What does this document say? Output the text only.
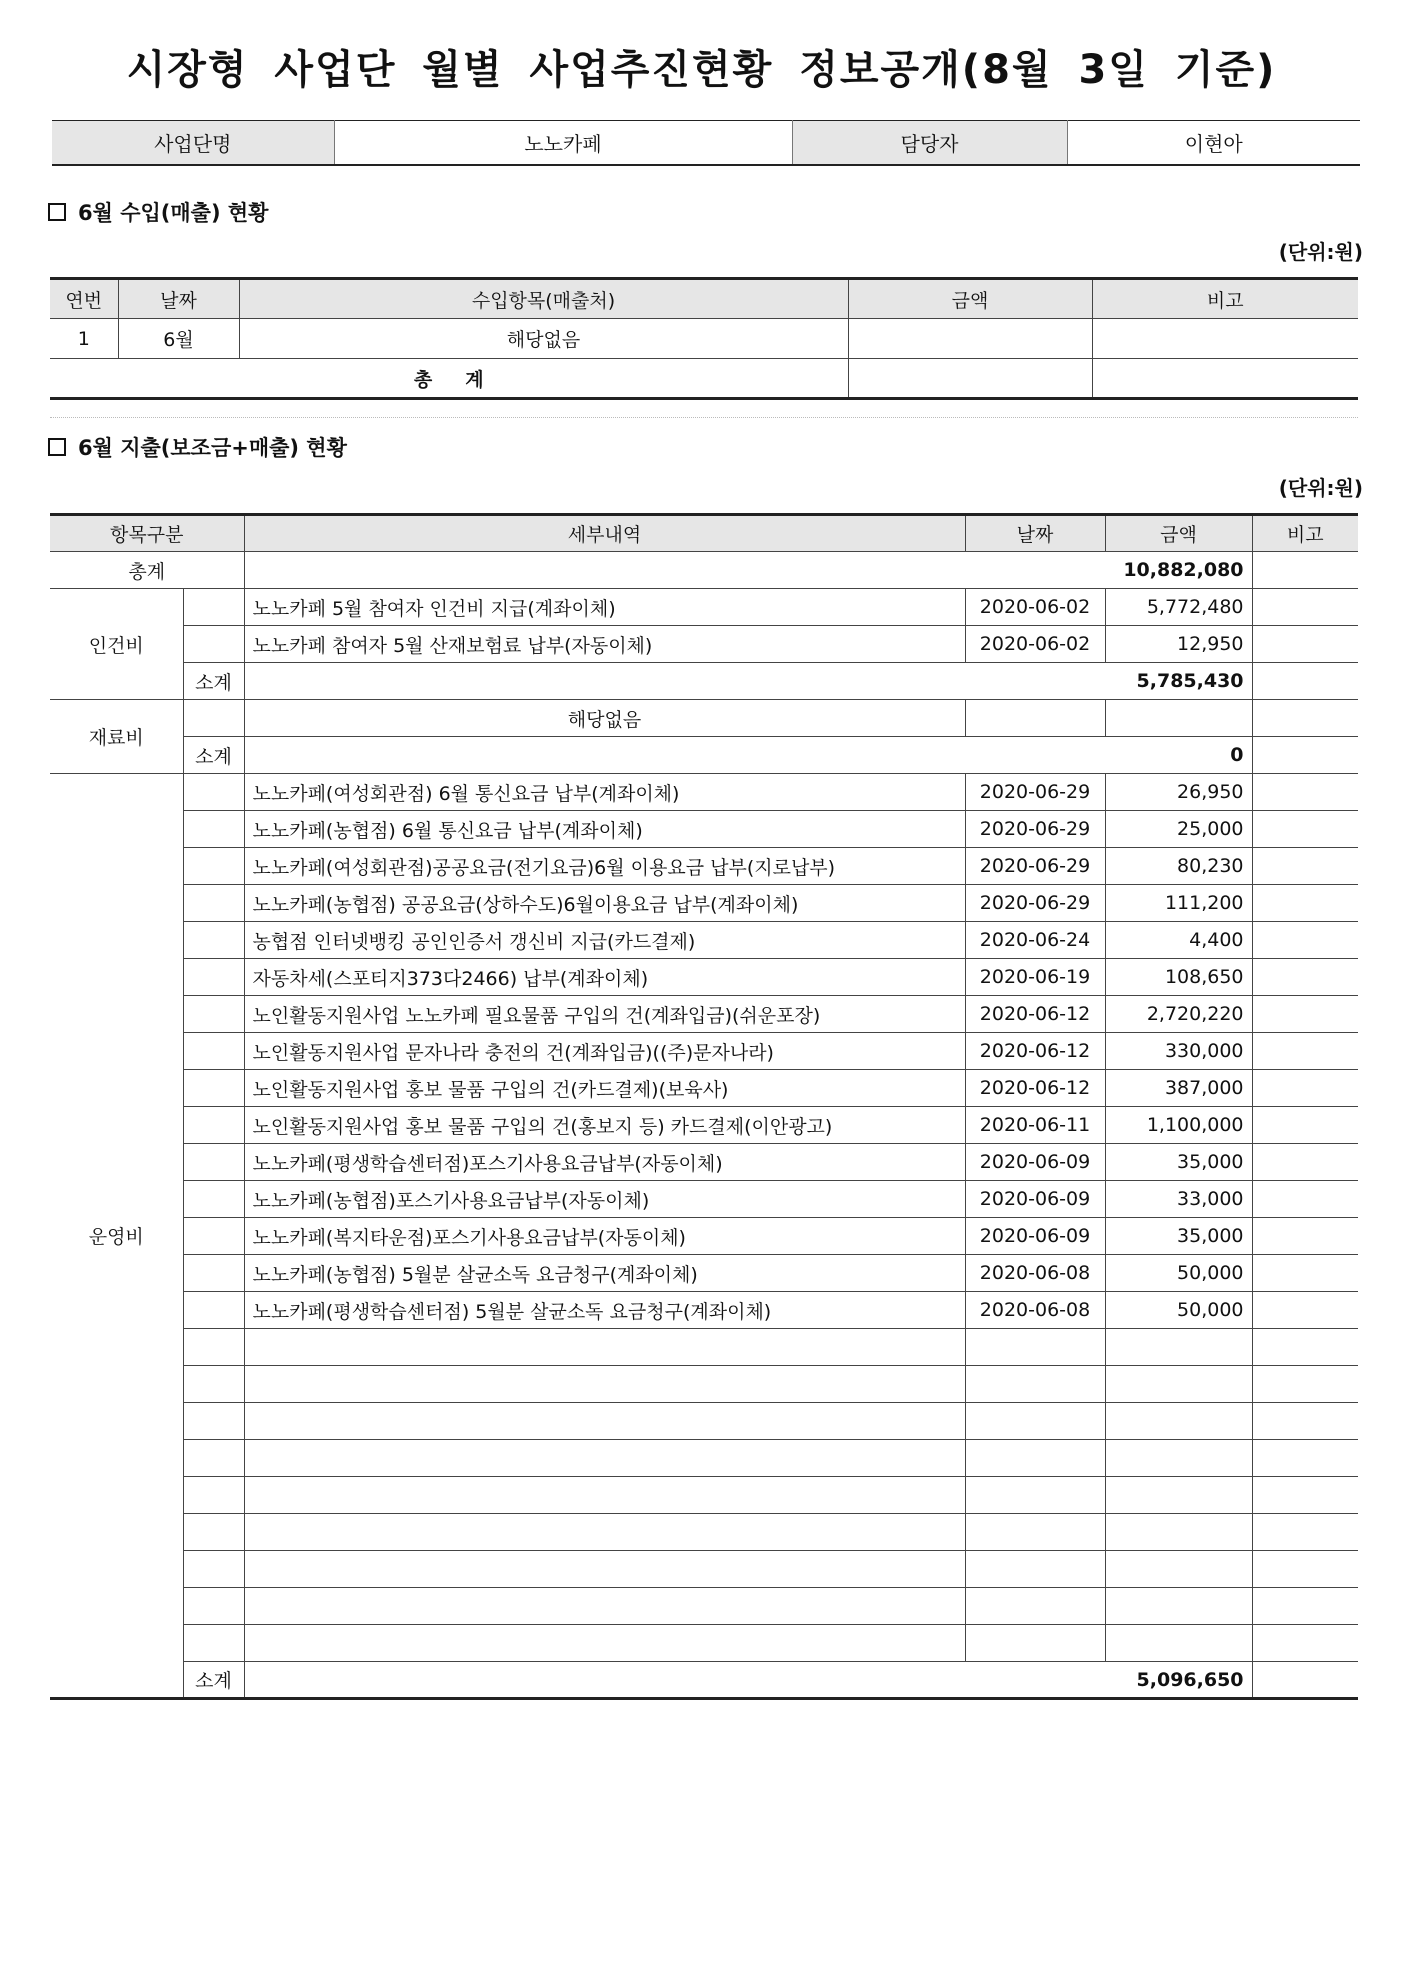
시장형 사업단 월별 사업추진현황 정보공개(8월 3일 기준)
사업단명	노노카페	담당자	이현아
6월 수입(매출) 현황
(단위:원)
연번	날짜	수입항목(매출처)	금액	비고
1	6월	해당없음		
총     계				
6월 지출(보조금+매출) 현황
(단위:원)
항목구분		세부내역	날짜	금액	비고
총계		10,882,080			
인건비		노노카페 5월 참여자 인건비 지급(계좌이체)	2020-06-02	5,772,480	
		노노카페 참여자 5월 산재보험료 납부(자동이체)	2020-06-02	12,950	
	소계	5,785,430			
재료비		해당없음			
	소계	0			
운영비		노노카페(여성회관점) 6월 통신요금 납부(계좌이체)	2020-06-29	26,950	
		노노카페(농협점) 6월 통신요금 납부(계좌이체)	2020-06-29	25,000	
		노노카페(여성회관점)공공요금(전기요금)6월 이용요금 납부(지로납부)	2020-06-29	80,230	
		노노카페(농협점) 공공요금(상하수도)6월이용요금 납부(계좌이체)	2020-06-29	111,200	
		농협점 인터넷뱅킹 공인인증서 갱신비 지급(카드결제)	2020-06-24	4,400	
		자동차세(스포티지373다2466) 납부(계좌이체)	2020-06-19	108,650	
		노인활동지원사업 노노카페 필요물품 구입의 건(계좌입금)(쉬운포장)	2020-06-12	2,720,220	
		노인활동지원사업 문자나라 충전의 건(계좌입금)((주)문자나라)	2020-06-12	330,000	
		노인활동지원사업 홍보 물품 구입의 건(카드결제)(보육사)	2020-06-12	387,000	
		노인활동지원사업 홍보 물품 구입의 건(홍보지 등) 카드결제(이안광고)	2020-06-11	1,100,000	
		노노카페(평생학습센터점)포스기사용요금납부(자동이체)	2020-06-09	35,000	
		노노카페(농협점)포스기사용요금납부(자동이체)	2020-06-09	33,000	
		노노카페(복지타운점)포스기사용요금납부(자동이체)	2020-06-09	35,000	
		노노카페(농협점) 5월분 살균소독 요금청구(계좌이체)	2020-06-08	50,000	
		노노카페(평생학습센터점) 5월분 살균소독 요금청구(계좌이체)	2020-06-08	50,000	

	소계	5,096,650			
